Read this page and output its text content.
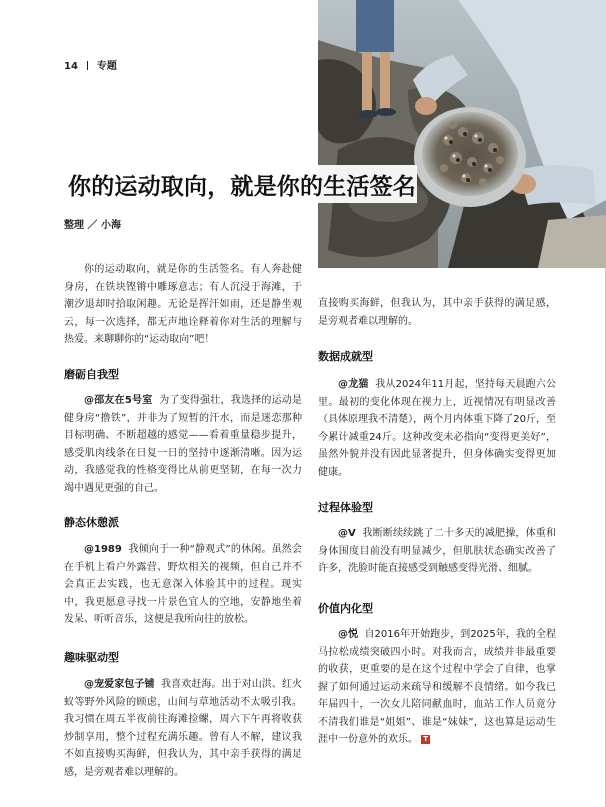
14 专题
你的运动取向，就是你的生活签名
整理 ／ 小海

你的运动取向，就是你的生活签名。有人奔赴健身房，在铁块铿锵中雕琢意志；有人沉浸于海滩，于潮汐退却时拾取闲趣。无论是挥汗如雨，还是静坐观云，每一次选择，都无声地诠释着你对生活的理解与热爱。来聊聊你的“运动取向”吧！

磨砺自我型

@邵友在5号室 为了变得强壮，我选择的运动是健身房“撸铁”，并非为了短暂的汗水，而是迷恋那种目标明确、不断超越的感觉——看着重量稳步提升，感受肌肉线条在日复一日的坚持中逐渐清晰。因为运动，我感觉我的性格变得比从前更坚韧，在每一次力竭中遇见更强的自己。

静态休憩派

@1989 我倾向于一种“静观式”的休闲。虽然会在手机上看户外露营、野炊相关的视频，但自己并不会真正去实践，也无意深入体验其中的过程。现实中，我更愿意寻找一片景色宜人的空地，安静地坐着发呆、听听音乐，这便是我所向往的放松。

趣味驱动型

@宠爱家包子铺 我喜欢赶海。出于对山洪、红火蚁等野外风险的顾虑，山间与草地活动不太吸引我。我习惯在周五半夜前往海滩捡螺，周六下午再将收获炒制享用，整个过程充满乐趣。曾有人不解，建议我不如直接购买海鲜，但我认为，其中亲手获得的满足感，是旁观者难以理解的。

直接购买海鲜，但我认为，其中亲手获得的满足感，是旁观者难以理解的。

数据成就型

@龙猫 我从2024年11月起，坚持每天晨跑六公里。最初的变化体现在视力上，近视情况有明显改善（具体原理我不清楚），两个月内体重下降了20斤，至今累计减重24斤。这种改变未必指向“变得更美好”，虽然外貌并没有因此显著提升，但身体确实变得更加健康。

过程体验型

@V 我断断续续跳了二十多天的减肥操，体重和身体围度目前没有明显减少，但肌肤状态确实改善了许多，洗脸时能直接感受到触感变得光滑、细腻。

价值内化型

@悦 自2016年开始跑步，到2025年，我的全程马拉松成绩突破四小时。对我而言，成绩并非最重要的收获，更重要的是在这个过程中学会了自律，也掌握了如何通过运动来疏导和缓解不良情绪。如今我已年届四十，一次女儿陪同献血时，血站工作人员竟分不清我们谁是“姐姐”、谁是“妹妹”，这也算是运动生涯中一份意外的欢乐。 T
